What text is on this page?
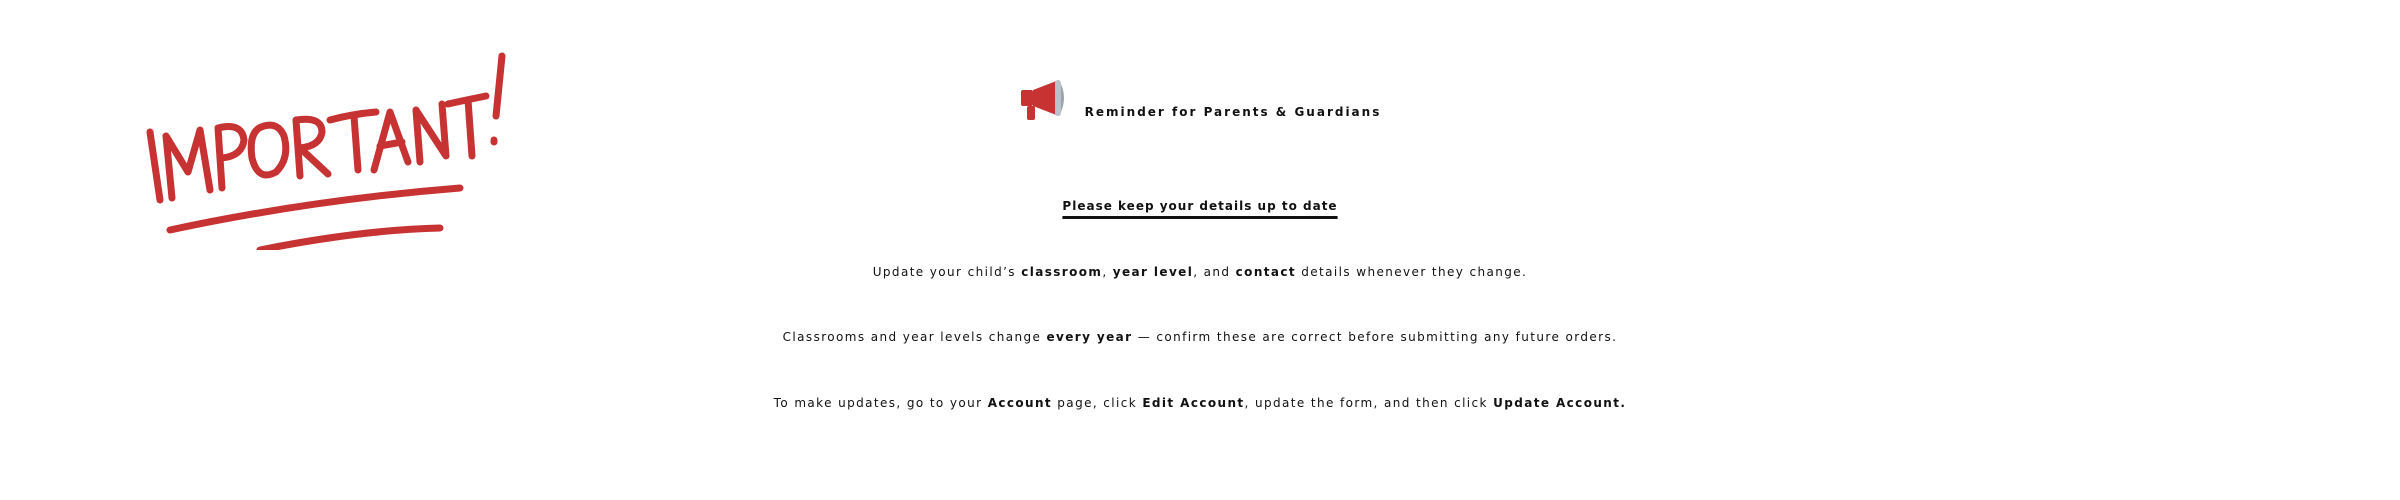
Reminder for Parents & Guardians
Please keep your details up to date
Update your child’s classroom, year level, and contact details whenever they change.
Classrooms and year levels change every year — confirm these are correct before submitting any future orders.
To make updates, go to your Account page, click Edit Account, update the form, and then click Update Account.
